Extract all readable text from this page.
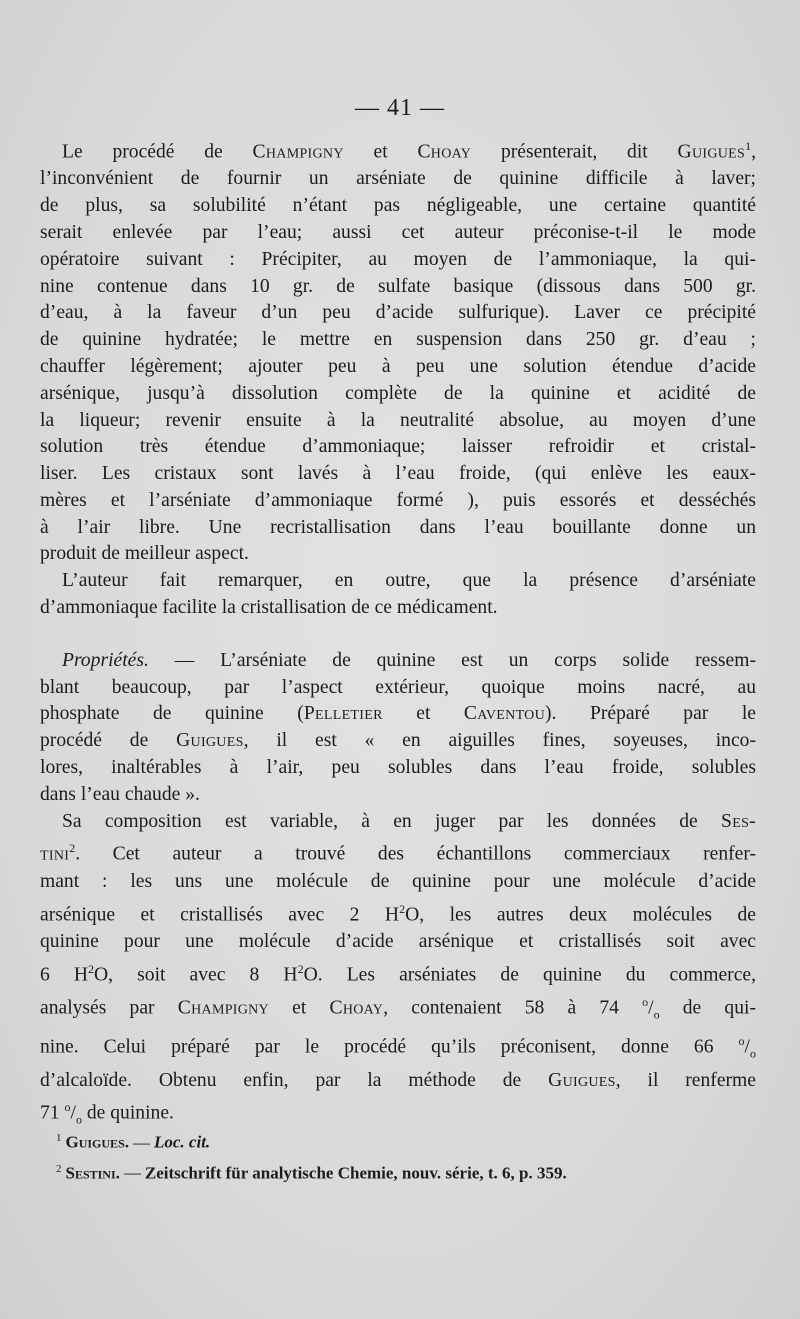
— 41 —
Le procédé de Champigny et Choay présenterait, dit Guigues$^1$,
l’inconvénient de fournir un arséniate de quinine difficile à laver;
de plus, sa solubilité n’étant pas négligeable, une certaine quantité
serait enlevée par l’eau; aussi cet auteur préconise-t-il le mode
opératoire suivant : Précipiter, au moyen de l’ammoniaque, la qui-
nine contenue dans 10 gr. de sulfate basique (dissous dans 500 gr.
d’eau, à la faveur d’un peu d’acide sulfurique). Laver ce précipité
de quinine hydratée; le mettre en suspension dans 250 gr. d’eau ;
chauffer légèrement; ajouter peu à peu une solution étendue d’acide
arsénique, jusqu’à dissolution complète de la quinine et acidité de
la liqueur; revenir ensuite à la neutralité absolue, au moyen d’une
solution très étendue d’ammoniaque; laisser refroidir et cristal-
liser. Les cristaux sont lavés à l’eau froide, (qui enlève les eaux-
mères et l’arséniate d’ammoniaque formé ), puis essorés et desséchés
à l’air libre. Une recristallisation dans l’eau bouillante donne un
produit de meilleur aspect.
L’auteur fait remarquer, en outre, que la présence d’arséniate
d’ammoniaque facilite la cristallisation de ce médicament.
Propriétés. — L’arséniate de quinine est un corps solide ressem-
blant beaucoup, par l’aspect extérieur, quoique moins nacré, au
phosphate de quinine (Pelletier et Caventou). Préparé par le
procédé de Guigues, il est « en aiguilles fines, soyeuses, inco-
lores, inaltérables à l’air, peu solubles dans l’eau froide, solubles
dans l’eau chaude ».
Sa composition est variable, à en juger par les données de Ses-
tini$^2$. Cet auteur a trouvé des échantillons commerciaux renfer-
mant : les uns une molécule de quinine pour une molécule d’acide
arsénique et cristallisés avec 2 $H^2O$, les autres deux molécules de
quinine pour une molécule d’acide arsénique et cristallisés soit avec
6 $H^2O$, soit avec 8 $H^2O$. Les arséniates de quinine du commerce,
analysés par Champigny et Choay, contenaient 58 à 74 $^o/_o$ de qui-
nine. Celui préparé par le procédé qu’ils préconisent, donne 66 $^o/_o$
d’alcaloïde. Obtenu enfin, par la méthode de Guigues, il renferme
71 $^o/_o$ de quinine.
$^1$ Guigues. — Loc. cit.
$^2$ Sestini. — Zeitschrift für analytische Chemie, nouv. série, t. 6, p. 359.
